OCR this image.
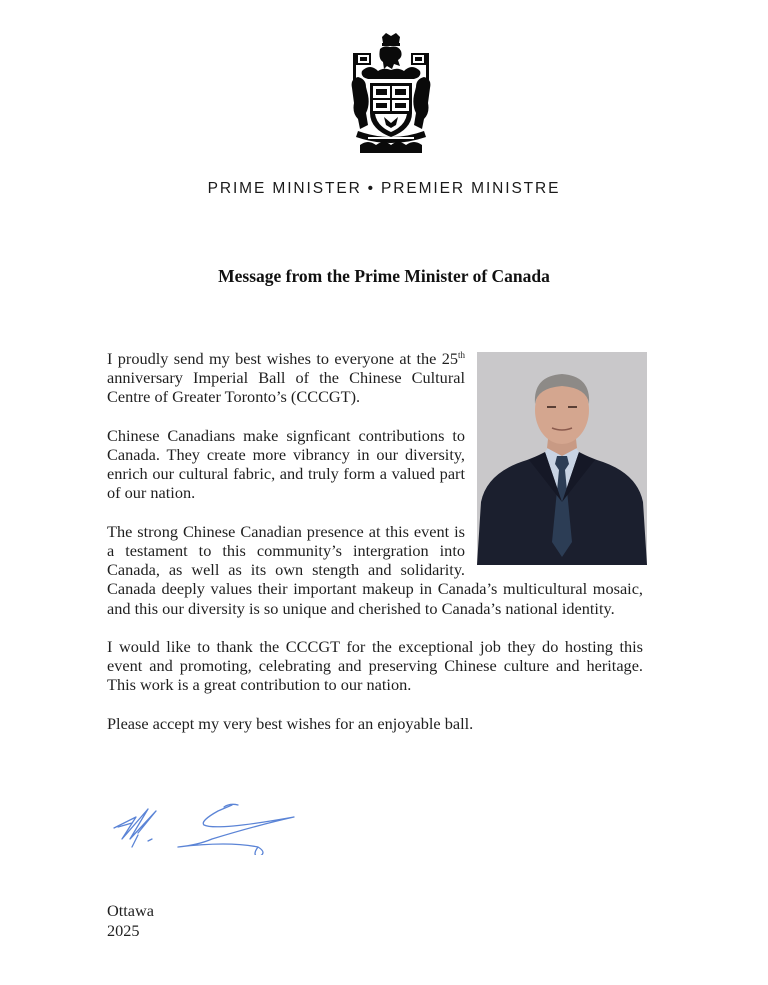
PRIME MINISTER • PREMIER MINISTRE
Message from the Prime Minister of Canada

I proudly send my best wishes to everyone at the 25th anniversary Imperial Ball of the Chinese Cultural Centre of Greater Toronto’s (CCCGT).

Chinese Canadians make signficant contributions to Canada. They create more vibrancy in our diversity, enrich our cultural fabric, and truly form a valued part of our nation.

The strong Chinese Canadian presence at this event is a testament to this community’s intergration into Canada, as well as its own stength and solidarity. Canada deeply values their important makeup in Canada’s multicultural mosaic, and this our diversity is so unique and cherished to Canada’s national identity.

I would like to thank the CCCGT for the exceptional job they do hosting this event and promoting, celebrating and preserving Chinese culture and heritage. This work is a great contribution to our nation.

Please accept my very best wishes for an enjoyable ball.

Ottawa
2025
